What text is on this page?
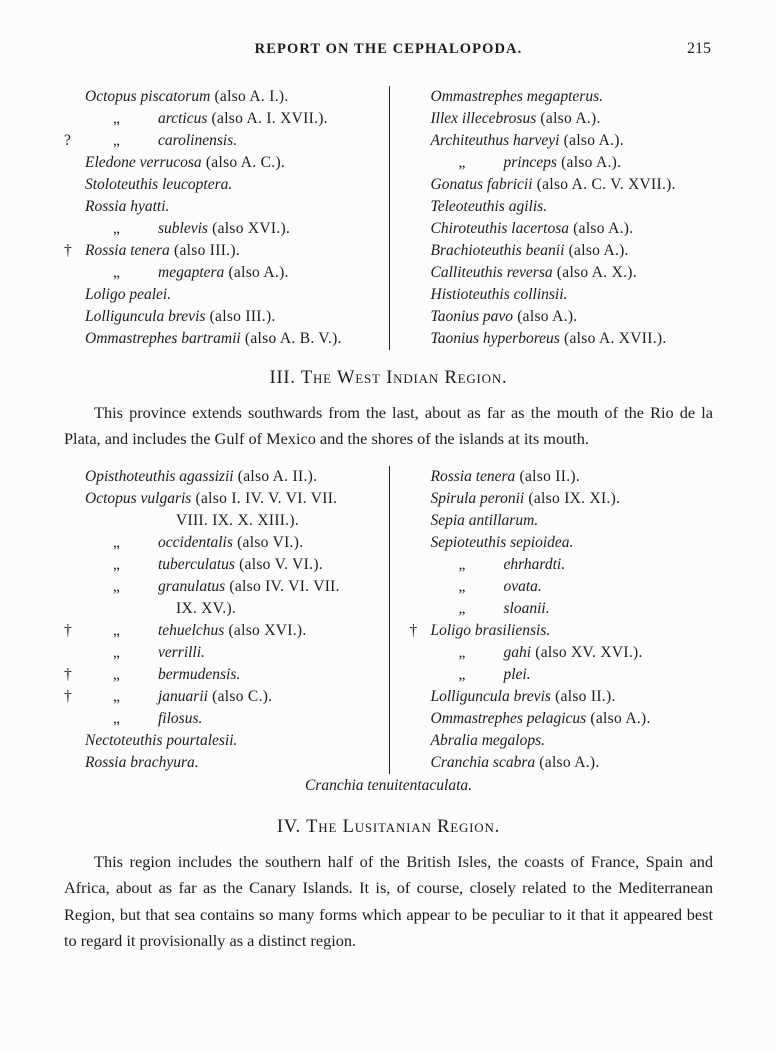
REPORT ON THE CEPHALOPODA.	215
Octopus piscatorum (also A. I.).
„ arcticus (also A. I. XVII.).
?	„ carolinensis.
Eledone verrucosa (also A. C.).
Stoloteuthis leucoptera.
Rossia hyatti.
„ sublevis (also XVI.).
† Rossia tenera (also III.).
„ megaptera (also A.).
Loligo pealei.
Lolliguncula brevis (also III.).
Ommastrephes bartramii (also A. B. V.).
Ommastrephes megapterus.
Illex illecebrosus (also A.).
Architeuthus harveyi (also A.).
„ princeps (also A.).
Gonatus fabricii (also A. C. V. XVII.).
Teleoteuthis agilis.
Chiroteuthis lacertosa (also A.).
Brachioteuthis beanii (also A.).
Calliteuthis reversa (also A. X.).
Histioteuthis collinsii.
Taonius pavo (also A.).
Taonius hyperboreus (also A. XVII.).
III. The West Indian Region.

This province extends southwards from the last, about as far as the mouth of the Rio de la Plata, and includes the Gulf of Mexico and the shores of the islands at its mouth.

Opisthoteuthis agassizii (also A. II.).
Octopus vulgaris (also I. IV. V. VI. VII.
VIII. IX. X. XIII.).
„ occidentalis (also VI.).
„ tuberculatus (also V. VI.).
„ granulatus (also IV. VI. VII.
IX. XV.).
†	„ tehuelchus (also XVI.).
„ verrilli.
†	„ bermudensis.
†	„ januarii (also C.).
„ filosus.
Nectoteuthis pourtalesii.
Rossia brachyura.
Rossia tenera (also II.).
Spirula peronii (also IX. XI.).
Sepia antillarum.
Sepioteuthis sepioidea.
„ ehrhardti.
„ ovata.
„ sloanii.
† Loligo brasiliensis.
„ gahi (also XV. XVI.).
„ plei.
Lolliguncula brevis (also II.).
Ommastrephes pelagicus (also A.).
Abralia megalops.
Cranchia scabra (also A.).
Cranchia tenuitentaculata.
IV. The Lusitanian Region.

This region includes the southern half of the British Isles, the coasts of France, Spain and Africa, about as far as the Canary Islands. It is, of course, closely related to the Mediterranean Region, but that sea contains so many forms which appear to be peculiar to it that it appeared best to regard it provisionally as a distinct region.
